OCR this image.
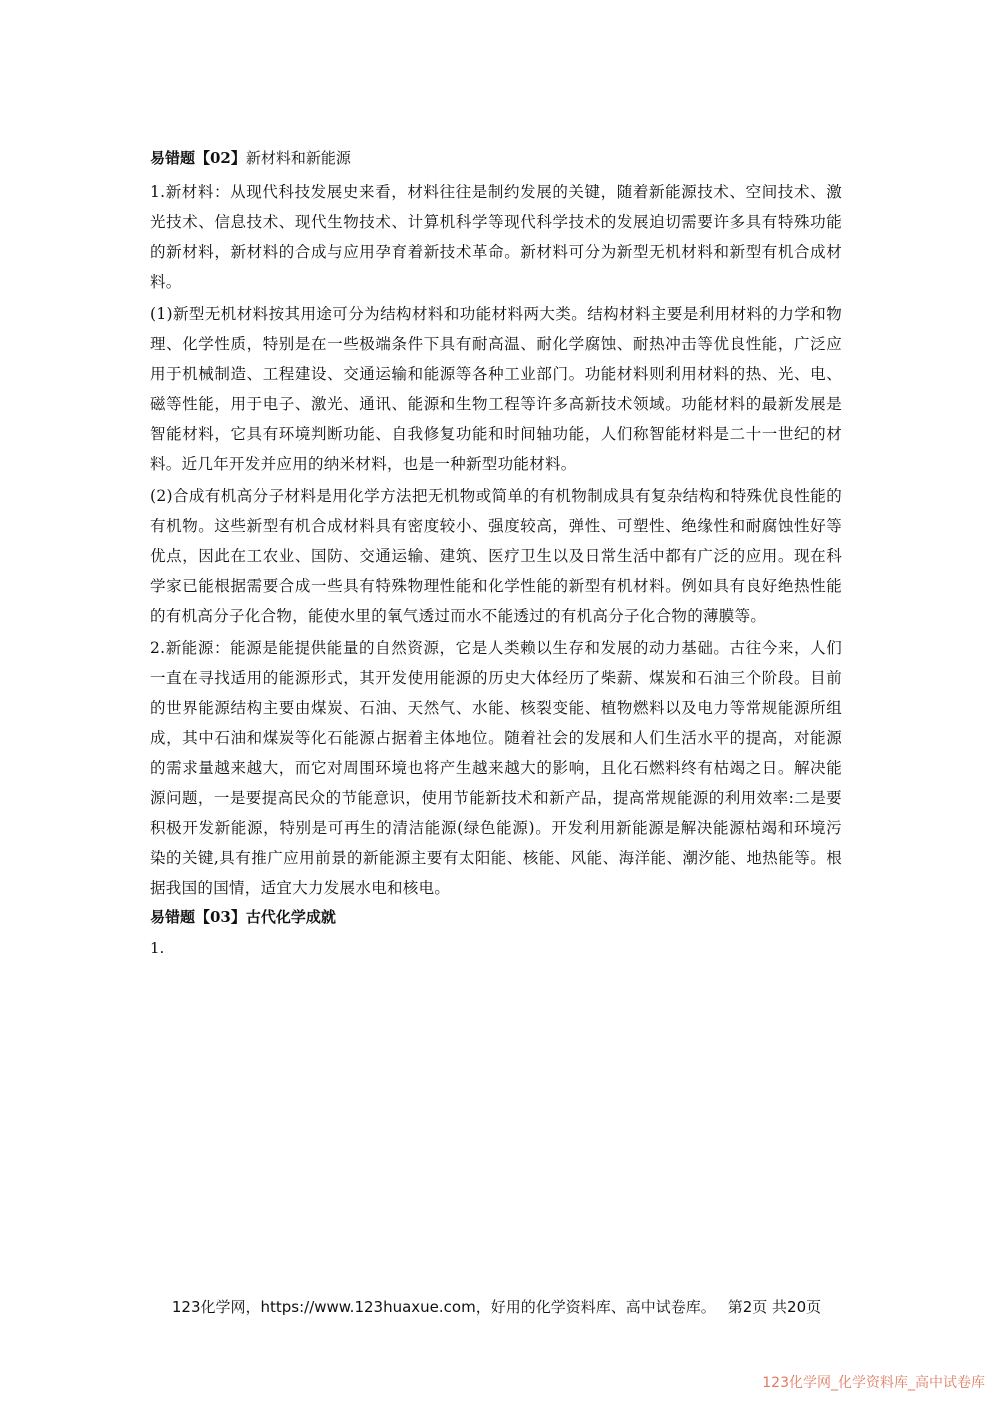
易错题【02】新材料和新能源

1.新材料：从现代科技发展史来看，材料往往是制约发展的关键，随着新能源技术、空间技术、激光技术、信息技术、现代生物技术、计算机科学等现代科学技术的发展迫切需要许多具有特殊功能的新材料，新材料的合成与应用孕育着新技术革命。新材料可分为新型无机材料和新型有机合成材料。

(1)新型无机材料按其用途可分为结构材料和功能材料两大类。结构材料主要是利用材料的力学和物理、化学性质，特别是在一些极端条件下具有耐高温、耐化学腐蚀、耐热冲击等优良性能，广泛应用于机械制造、工程建设、交通运输和能源等各种工业部门。功能材料则利用材料的热、光、电、磁等性能，用于电子、激光、通讯、能源和生物工程等许多高新技术领域。功能材料的最新发展是智能材料，它具有环境判断功能、自我修复功能和时间轴功能，人们称智能材料是二十一世纪的材料。近几年开发并应用的纳米材料，也是一种新型功能材料。

(2)合成有机高分子材料是用化学方法把无机物或简单的有机物制成具有复杂结构和特殊优良性能的有机物。这些新型有机合成材料具有密度较小、强度较高，弹性、可塑性、绝缘性和耐腐蚀性好等优点，因此在工农业、国防、交通运输、建筑、医疗卫生以及日常生活中都有广泛的应用。现在科学家已能根据需要合成一些具有特殊物理性能和化学性能的新型有机材料。例如具有良好绝热性能的有机高分子化合物，能使水里的氧气透过而水不能透过的有机高分子化合物的薄膜等。

2.新能源：能源是能提供能量的自然资源，它是人类赖以生存和发展的动力基础。古往今来，人们一直在寻找适用的能源形式，其开发使用能源的历史大体经历了柴薪、煤炭和石油三个阶段。目前的世界能源结构主要由煤炭、石油、天然气、水能、核裂变能、植物燃料以及电力等常规能源所组成，其中石油和煤炭等化石能源占据着主体地位。随着社会的发展和人们生活水平的提高，对能源的需求量越来越大，而它对周围环境也将产生越来越大的影响，且化石燃料终有枯竭之日。解决能源问题，一是要提高民众的节能意识，使用节能新技术和新产品，提高常规能源的利用效率:二是要积极开发新能源，特别是可再生的清洁能源(绿色能源)。开发利用新能源是解决能源枯竭和环境污染的关键,具有推广应用前景的新能源主要有太阳能、核能、风能、海洋能、潮汐能、地热能等。根据我国的国情，适宜大力发展水电和核电。

易错题【03】古代化学成就
1.
123化学网，https://www.123huaxue.com，好用的化学资料库、高中试卷库。 第2页 共20页
123化学网_化学资料库_高中试卷库
